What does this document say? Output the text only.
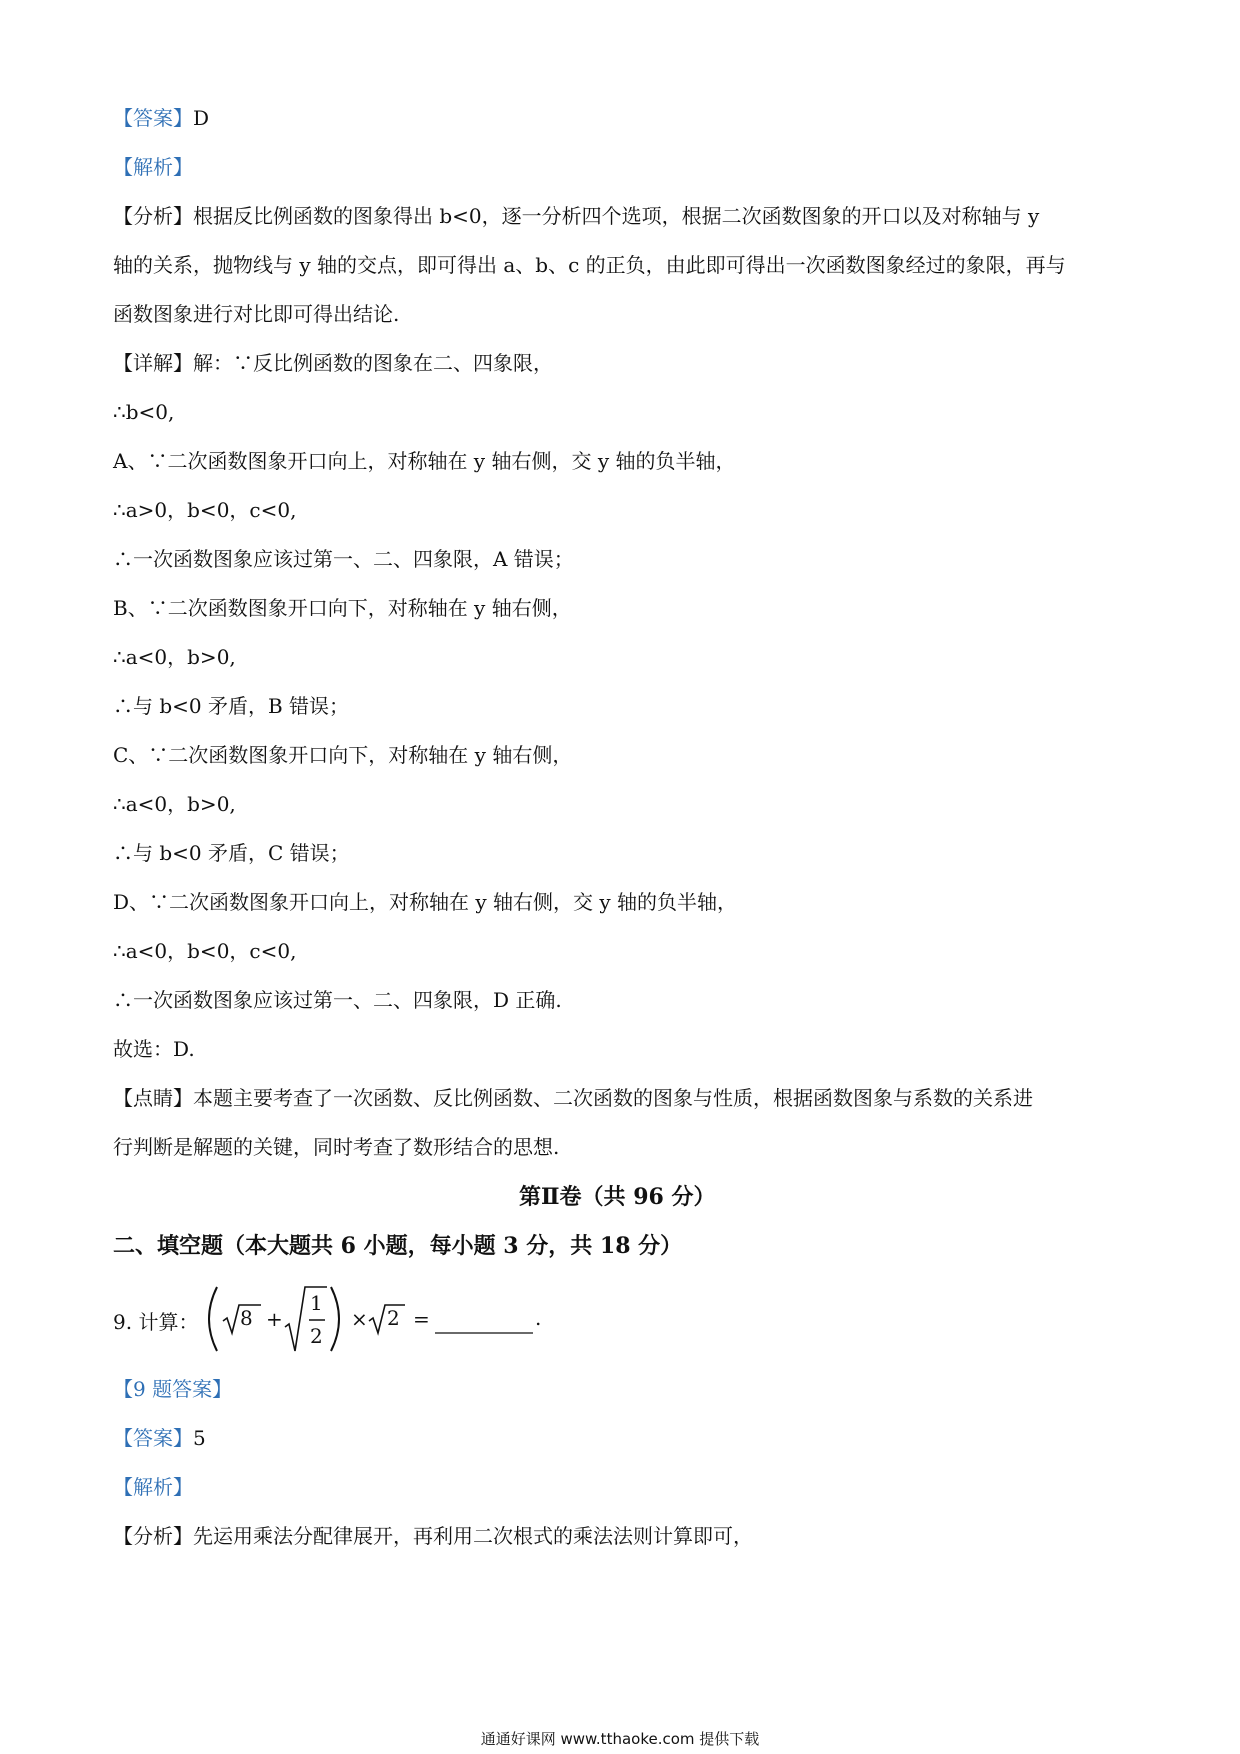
【答案】D
【解析】
【分析】根据反比例函数的图象得出 b<0，逐一分析四个选项，根据二次函数图象的开口以及对称轴与 y
轴的关系，抛物线与 y 轴的交点，即可得出 a、b、c 的正负，由此即可得出一次函数图象经过的象限，再与
函数图象进行对比即可得出结论.
【详解】解：∵反比例函数的图象在二、四象限，
∴b<0,
A、∵二次函数图象开口向上，对称轴在 y 轴右侧，交 y 轴的负半轴，
∴a>0，b<0，c<0,
∴一次函数图象应该过第一、二、四象限，A 错误；
B、∵二次函数图象开口向下，对称轴在 y 轴右侧，
∴a<0，b>0,
∴与 b<0 矛盾，B 错误；
C、∵二次函数图象开口向下，对称轴在 y 轴右侧，
∴a<0，b>0,
∴与 b<0 矛盾，C 错误；
D、∵二次函数图象开口向上，对称轴在 y 轴右侧，交 y 轴的负半轴，
∴a<0，b<0，c<0,
∴一次函数图象应该过第一、二、四象限，D 正确.
故选：D.
【点睛】本题主要考查了一次函数、反比例函数、二次函数的图象与性质，根据函数图象与系数的关系进
行判断是解题的关键，同时考查了数形结合的思想.
第Ⅱ卷（共 96 分）
二、填空题（本大题共 6 小题，每小题 3 分，共 18 分）
9. 计算： 8 +
1
2
× 2 =	.
【9 题答案】
【答案】5
【解析】
【分析】先运用乘法分配律展开，再利用二次根式的乘法法则计算即可，
通通好课网 www.tthaoke.com 提供下载
